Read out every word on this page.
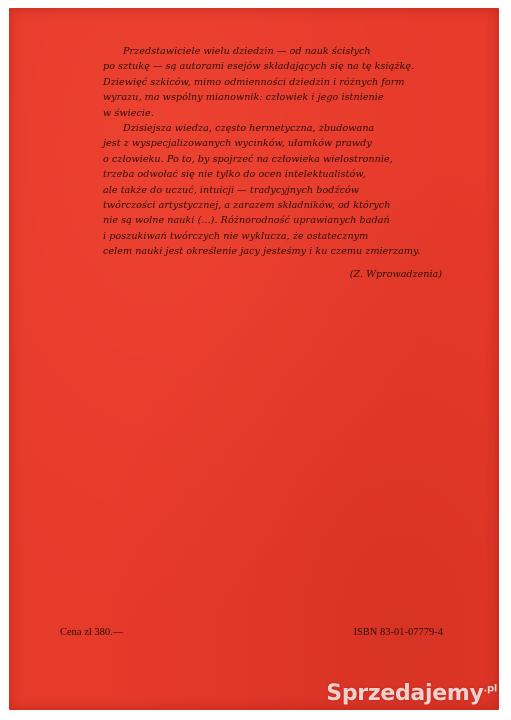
Przedstawiciele wielu dziedzin — od nauk ścisłych
po sztukę — są autorami esejów składających się na tę książkę.
Dziewięć szkiców, mimo odmienności dziedzin i różnych form
wyrazu, ma wspólny mianownik: człowiek i jego istnienie
w świecie.

Dzisiejsza wiedza, często hermetyczna, zbudowana
jest z wyspecjalizowanych wycinków, ułamków prawdy
o człowieku. Po to, by spojrzeć na człowieka wielostronnie,
trzeba odwołać się nie tylko do ocen intelektualistów,
ale także do uczuć, intuicji — tradycyjnych bodźców
twórczości artystycznej, a zarazem składników, od których
nie są wolne nauki (...). Różnorodność uprawianych badań
i poszukiwań twórczych nie wyklucza, że ostatecznym
celem nauki jest określenie jacy jesteśmy i ku czemu zmierzamy.

(Z. Wprowadzenia)
Cena zł 380.—	ISBN 83-01-07779-4
Sprzedajemy$^{.pl}$
